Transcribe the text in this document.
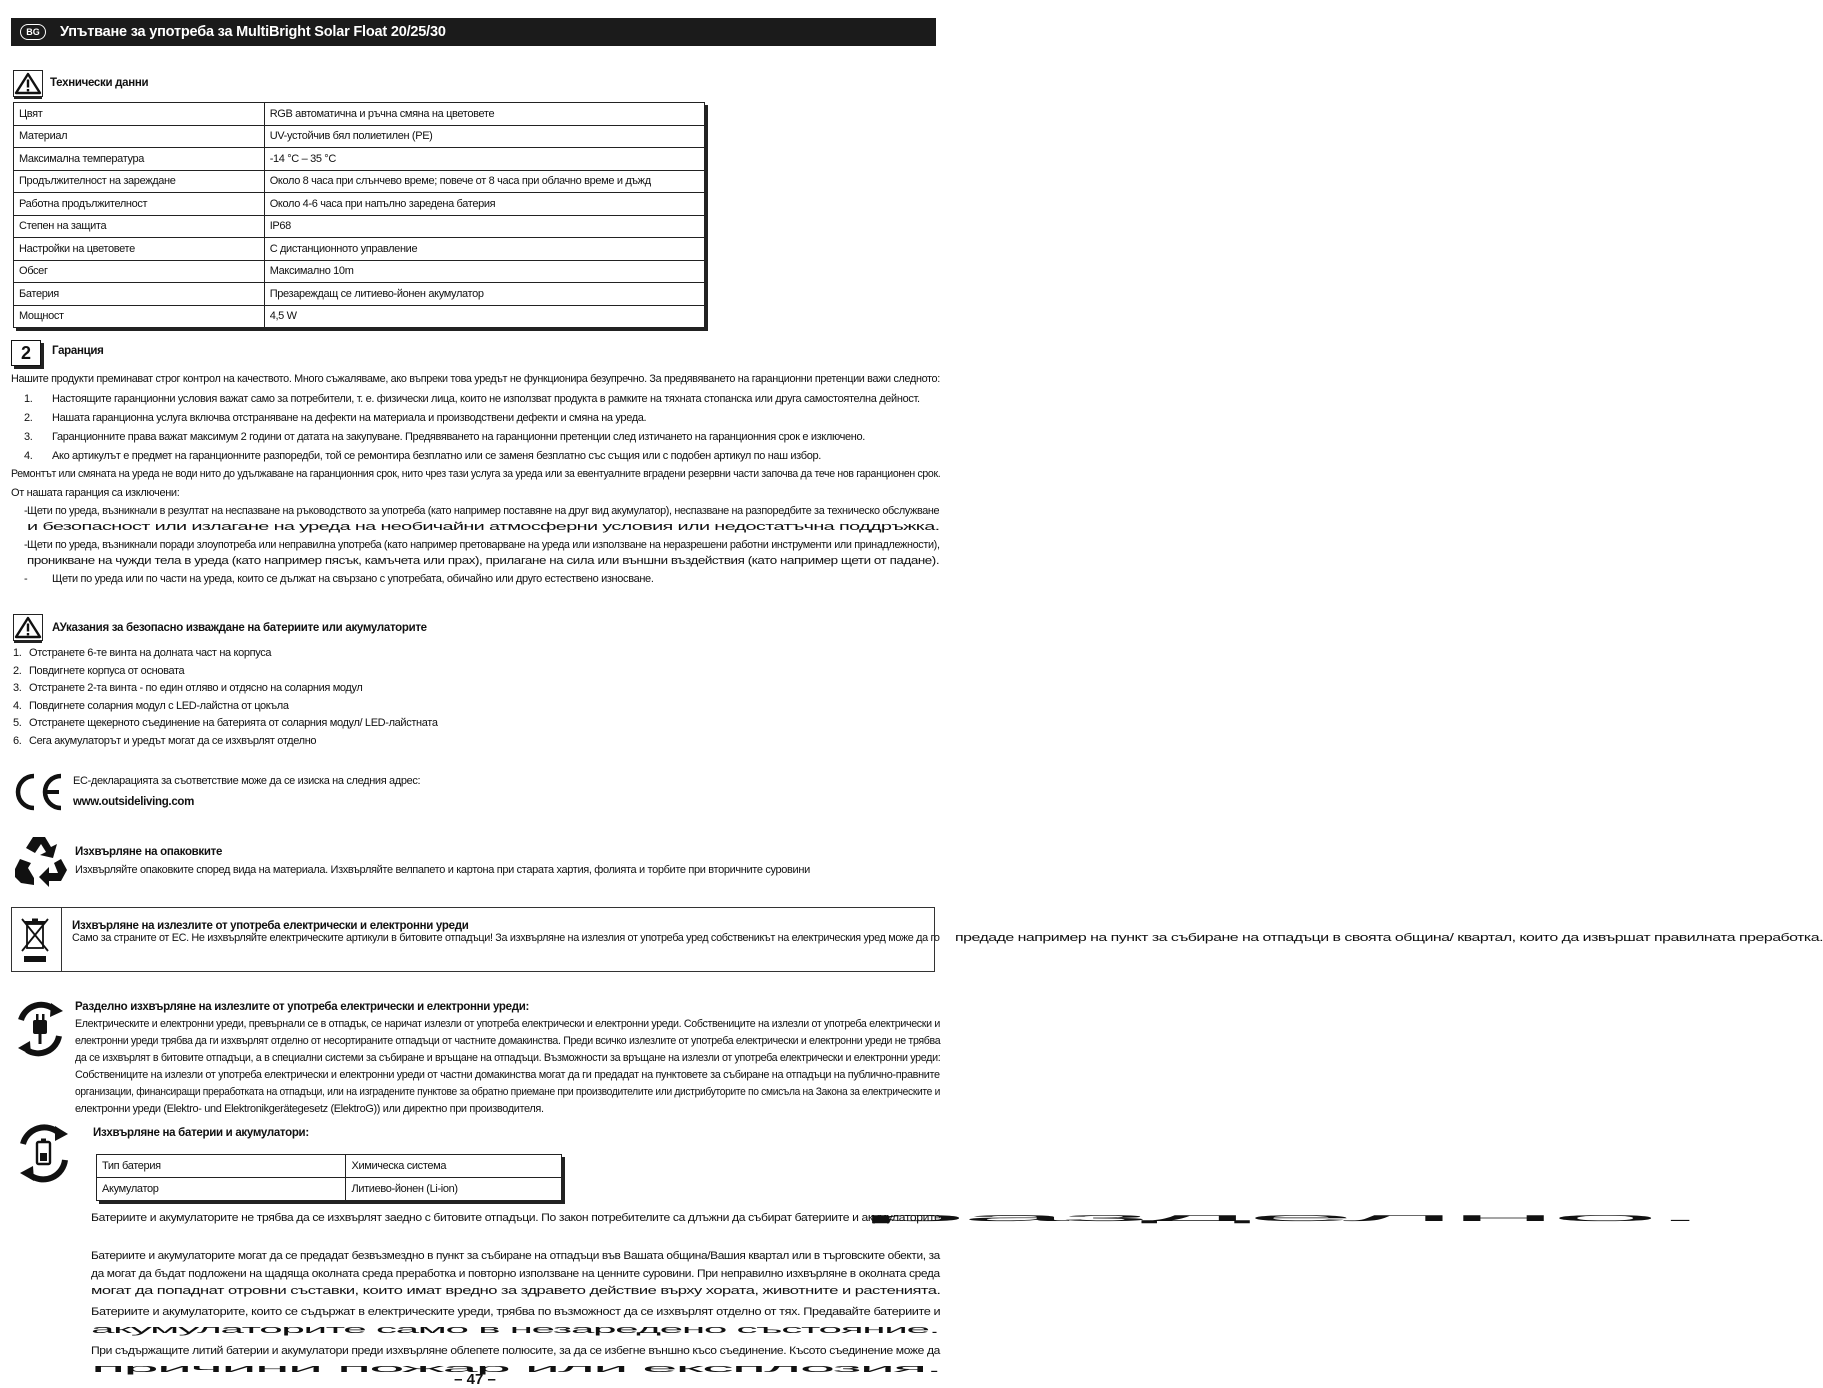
BG	Упътване за употреба за MultiBright Solar Float 20/25/30
Технически данни
Цвят	RGB автоматична и ръчна смяна на цветовете
Материал	UV-устойчив бял полиетилен (PE)
Максимална температура	-14 °C – 35 °C
Продължителност на зареждане	Около 8 часа при слънчево време; повече от 8 часа при облачно време и дъжд
Работна продължителност	Около 4-6 часа при напълно заредена батерия
Степен на защита	IP68
Настройки на цветовете	С дистанционното управление
Обсег	Максимално 10m
Батерия	Презареждащ се литиево-йонен акумулатор
Мощност	4,5 W
2	Гаранция
Нашите продукти преминават строг контрол на качеството. Много съжаляваме, ако въпреки това уредът не функционира безупречно. За предявяването на гаранционни претенции важи следното:
1. Настоящите гаранционни условия важат само за потребители, т. е. физически лица, които не използват продукта в рамките на тяхната стопанска или друга самостоятелна дейност.
2. Нашата гаранционна услуга включва отстраняване на дефекти на материала и производствени дефекти и смяна на уреда.
3. Гаранционните права важат максимум 2 години от датата на закупуване. Предявяването на гаранционни претенции след изтичането на гаранционния срок е изключено.
4. Ако артикулът е предмет на гаранционните разпоредби, той се ремонтира безплатно или се заменя безплатно със същия или с подобен артикул по наш избор.
Ремонтът или смяната на уреда не води нито до удължаване на гаранционния срок, нито чрез тази услуга за уреда или за евентуалните вградени резервни части започва да тече нов гаранционен срок.
От нашата гаранция са изключени:
- Щети по уреда, възникнали в резултат на неспазване на ръководството за употреба (като например поставяне на друг вид акумулатор), неспазване на разпоредбите за техническо обслужванеи безопасност или излагане на уреда на необичайни атмосферни условия или недостатъчна поддръжка.
- Щети по уреда, възникнали поради злоупотреба или неправилна употреба (като например претоварване на уреда или използване на неразрешени работни инструменти или принадлежности),проникване на чужди тела в уреда (като например пясък, камъчета или прах), прилагане на сила или външни въздействия (като например щети от падане).
-	Щети по уреда или по части на уреда, които се дължат на свързано с употребата, обичайно или друго естествено износване.
АУказания за безопасно изваждане на батериите или акумулаторите
1. Отстранете 6-те винта на долната част на корпуса
2. Повдигнете корпуса от основата
3. Отстранете 2-та винта - по един отляво и отдясно на соларния модул
4. Повдигнете соларния модул с LED-лайстна от цокъла
5. Отстранете щекерното съединение на батерията от соларния модул/ LED-лайстната
6. Сега акумулаторът и уредът могат да се изхвърлят отделно
ЕС-декларацията за съответствие може да се изиска на следния адрес:
www.outsideliving.com
Изхвърляне на опаковките
Изхвърляйте опаковките според вида на материала. Изхвърляйте велпапето и картона при старата хартия, фолията и торбите при вторичните суровини
Изхвърляне на излезлите от употреба електрически и електронни уреди
Само за страните от ЕС. Не изхвърляйте електрическите артикули в битовите отпадъци! За изхвърляне на излезлия от употреба уред собственикът на електрическия уред може да го предаде например на пункт за събиране на отпадъци в своята община/ квартал, които да извършат правилната преработка.
Разделно изхвърляне на излезлите от употреба електрически и електронни уреди:
Електрическите и електронни уреди, превърнали се в отпадък, се наричат излезли от употреба електрически и електронни уреди. Собствениците на излезли от употреба електрически и
електронни уреди трябва да ги изхвърлят отделно от несортираните отпадъци от частните домакинства. Преди всичко излезлите от употреба електрически и електронни уреди не трябва
да се изхвърлят в битовите отпадъци, а в специални системи за събиране и връщане на отпадъци. Възможности за връщане на излезли от употреба електрически и електронни уреди:
Собствениците на излезли от употреба електрически и електронни уреди от частни домакинства могат да ги предадат на пунктовете за събиране на отпадъци на публично-правните
организации, финансиращи преработката на отпадъци, или на изградените пунктове за обратно приемане при производителите или дистрибуторите по смисъла на Закона за електрическите и
електронни уреди (Elektro- und Elektronikgerätegesetz (ElektroG)) или директно при производителя.
Изхвърляне на батерии и акумулатори:
Тип батерия	Химическа система
Акумулатор	Литиево-йонен (Li-ion)
Батериите и акумулаторите не трябва да се изхвърлят заедно с битовите отпадъци. По закон потребителите са длъжни да събират батериите и акумулаторитеразделно.
Батериите и акумулаторите могат да се предадат безвъзмездно в пункт за събиране на отпадъци във Вашата община/Вашия квартал или в търговските обекти, зада могат да бъдат подложени на щадяща околната среда преработка и повторно използване на ценните суровини. При неправилно изхвърляне в околната средамогат да попаднат отровни съставки, които имат вредно за здравето действие върху хората, животните и растенията.
Батериите и акумулаторите, които се съдържат в електрическите уреди, трябва по възможност да се изхвърлят отделно от тях. Предавайте батериите иакумулаторите само в незаредено състояние.
При съдържащите литий батерии и акумулатори преди изхвърляне облепете полюсите, за да се избегне външно късо съединение. Късото съединение може дапричини пожар или експлозия.
– 47 –
